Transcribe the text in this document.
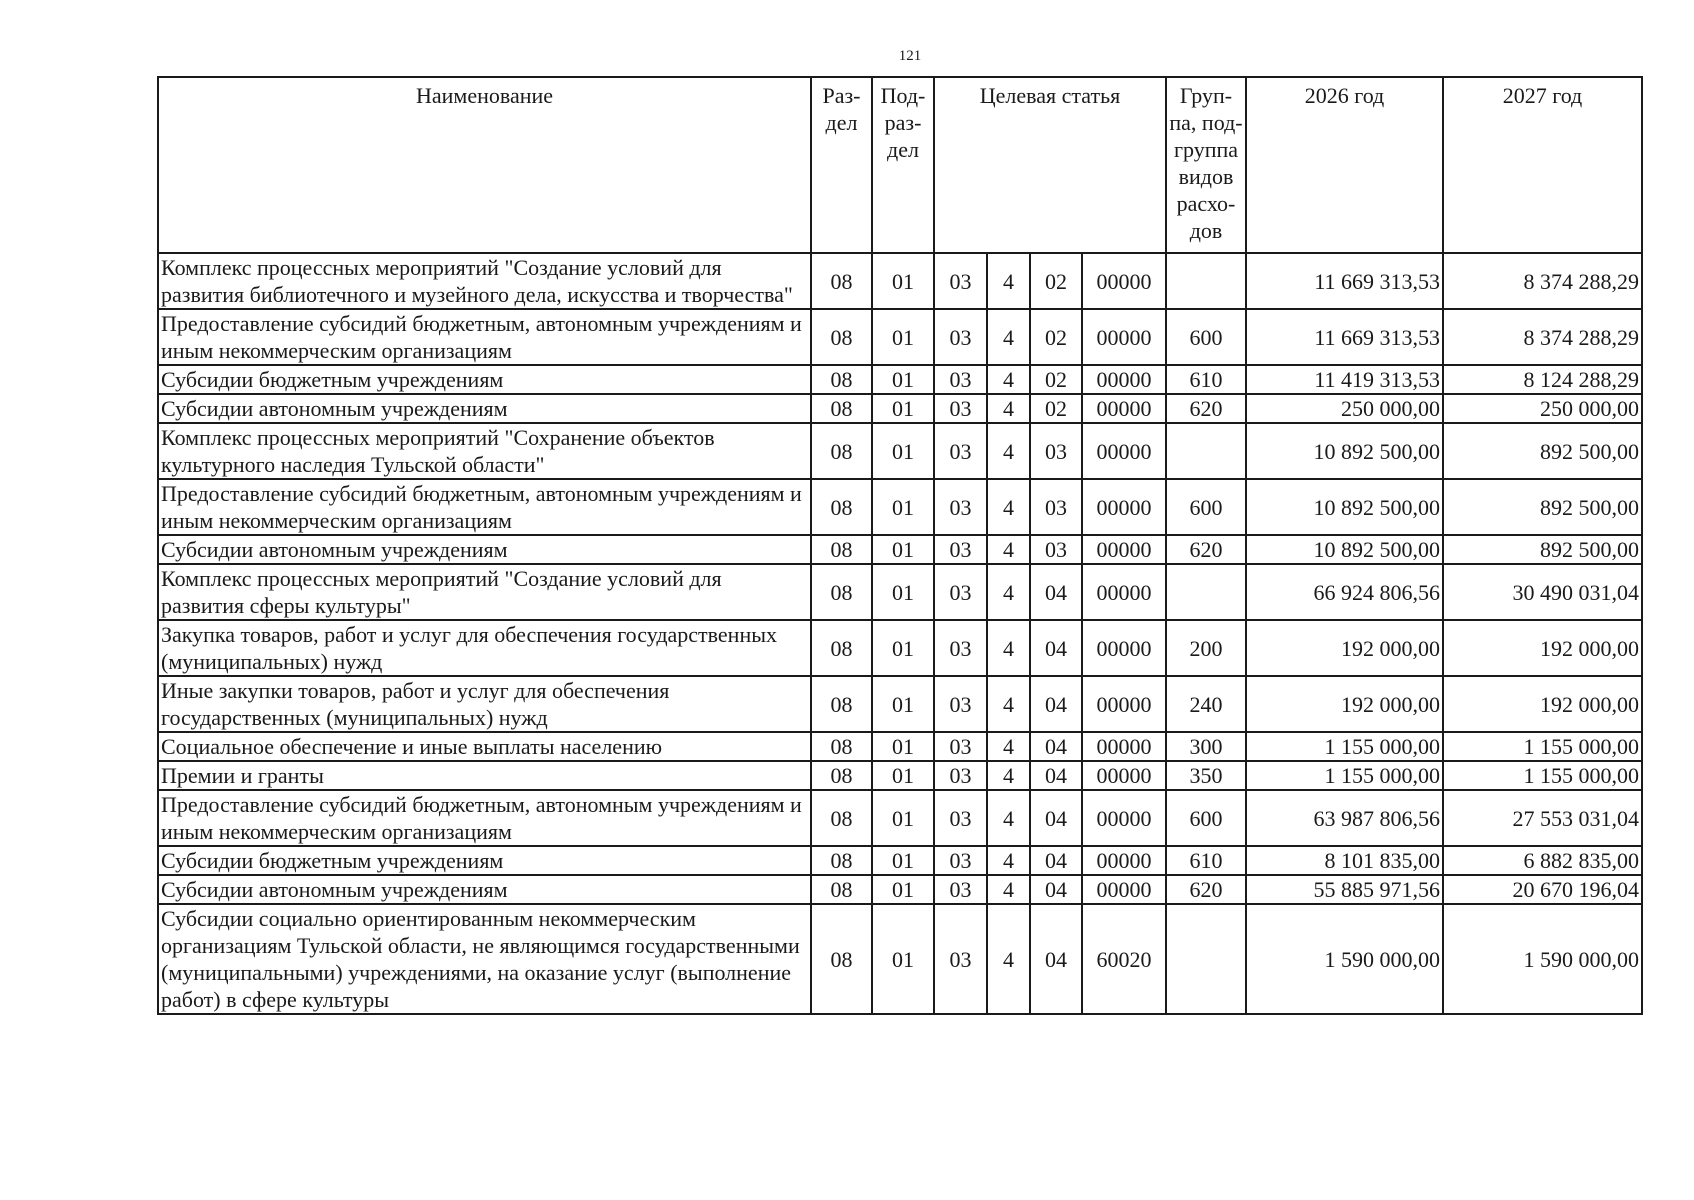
121
Наименование	Раз-дел	Под-раз-дел	Целевая статья				Груп-па, под-группа видов расхо-дов	2026 год	2027 год
Комплекс процессных мероприятий "Создание условий для развития библиотечного и музейного дела, искусства и творчества"	08	01	03	4	02	00000		11 669 313,53	8 374 288,29
Предоставление субсидий бюджетным, автономным учреждениям и иным некоммерческим организациям	08	01	03	4	02	00000	600	11 669 313,53	8 374 288,29
Субсидии бюджетным учреждениям	08	01	03	4	02	00000	610	11 419 313,53	8 124 288,29
Субсидии автономным учреждениям	08	01	03	4	02	00000	620	250 000,00	250 000,00
Комплекс процессных мероприятий "Сохранение объектов культурного наследия Тульской области"	08	01	03	4	03	00000		10 892 500,00	892 500,00
Предоставление субсидий бюджетным, автономным учреждениям и иным некоммерческим организациям	08	01	03	4	03	00000	600	10 892 500,00	892 500,00
Субсидии автономным учреждениям	08	01	03	4	03	00000	620	10 892 500,00	892 500,00
Комплекс процессных мероприятий "Создание условий для развития сферы культуры"	08	01	03	4	04	00000		66 924 806,56	30 490 031,04
Закупка товаров, работ и услуг для обеспечения государственных (муниципальных) нужд	08	01	03	4	04	00000	200	192 000,00	192 000,00
Иные закупки товаров, работ и услуг для обеспечения государственных (муниципальных) нужд	08	01	03	4	04	00000	240	192 000,00	192 000,00
Социальное обеспечение и иные выплаты населению	08	01	03	4	04	00000	300	1 155 000,00	1 155 000,00
Премии и гранты	08	01	03	4	04	00000	350	1 155 000,00	1 155 000,00
Предоставление субсидий бюджетным, автономным учреждениям и иным некоммерческим организациям	08	01	03	4	04	00000	600	63 987 806,56	27 553 031,04
Субсидии бюджетным учреждениям	08	01	03	4	04	00000	610	8 101 835,00	6 882 835,00
Субсидии автономным учреждениям	08	01	03	4	04	00000	620	55 885 971,56	20 670 196,04
Субсидии социально ориентированным некоммерческим организациям Тульской области, не являющимся государственными (муниципальными) учреждениями, на оказание услуг (выполнение работ) в сфере культуры	08	01	03	4	04	60020		1 590 000,00	1 590 000,00
